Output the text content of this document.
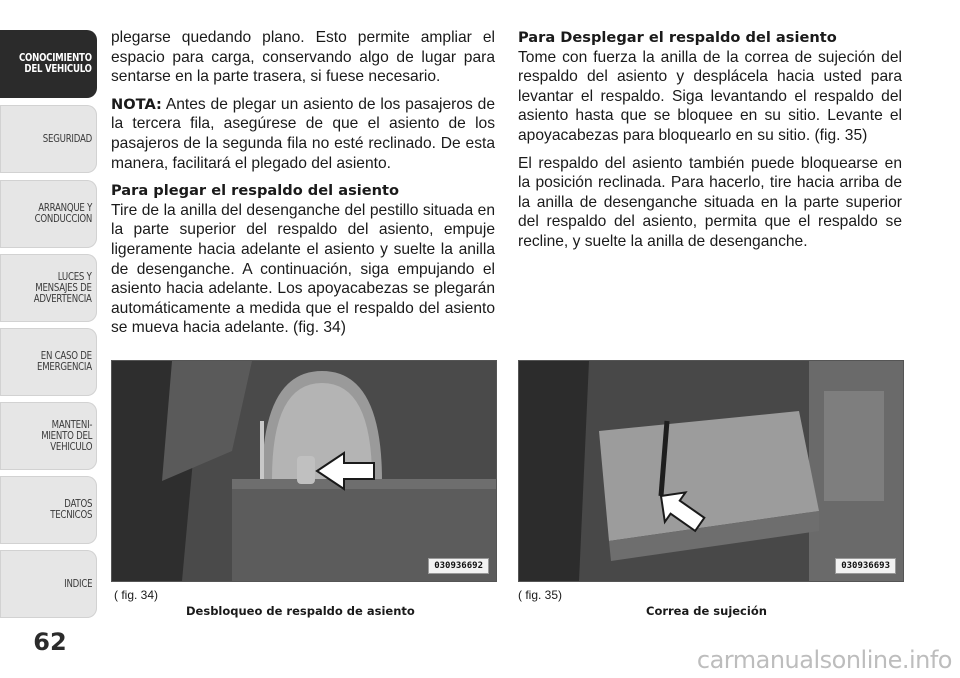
CONOCIMIENTO
DEL VEHICULO
SEGURIDAD
ARRANQUE Y
CONDUCCION
LUCES Y
MENSAJES DE
ADVERTENCIA
EN CASO DE
EMERGENCIA
MANTENI-
MIENTO DEL
VEHICULO
DATOS
TECNICOS
INDICE
62

plegarse quedando plano. Esto permite ampliar el espacio para carga, conservando algo de lugar para sentarse en la parte trasera, si fuese necesario.

NOTA: Antes de plegar un asiento de los pasajeros de la tercera fila, asegúrese de que el asiento de los pasajeros de la segunda fila no esté reclinado. De esta manera, facilitará el plegado del asiento.

Para plegar el respaldo del asiento

Tire de la anilla del desenganche del pestillo situada en la parte superior del respaldo del asiento, empuje ligeramente hacia adelante el asiento y suelte la anilla de desenganche. A continuación, siga empujando el asiento hacia adelante. Los apoyacabezas se plegarán automáticamente a medida que el respaldo del asiento se mueva hacia adelante. (fig. 34)

Para Desplegar el respaldo del asiento

Tome con fuerza la anilla de la correa de sujeción del respaldo del asiento y desplácela hacia usted para levantar el respaldo. Siga levantando el respaldo del asiento hasta que se bloquee en su sitio. Levante el apoyacabezas para bloquearlo en su sitio. (fig. 35)

El respaldo del asiento también puede bloquearse en la posición reclinada. Para hacerlo, tire hacia arriba de la anilla de desenganche situada en la parte superior del respaldo del asiento, permita que el respaldo se recline, y suelte la anilla de desenganche.

030936692
( fig. 34)
Desbloqueo de respaldo de asiento
030936693
( fig. 35)
Correa de sujeción
carmanualsonline.info
